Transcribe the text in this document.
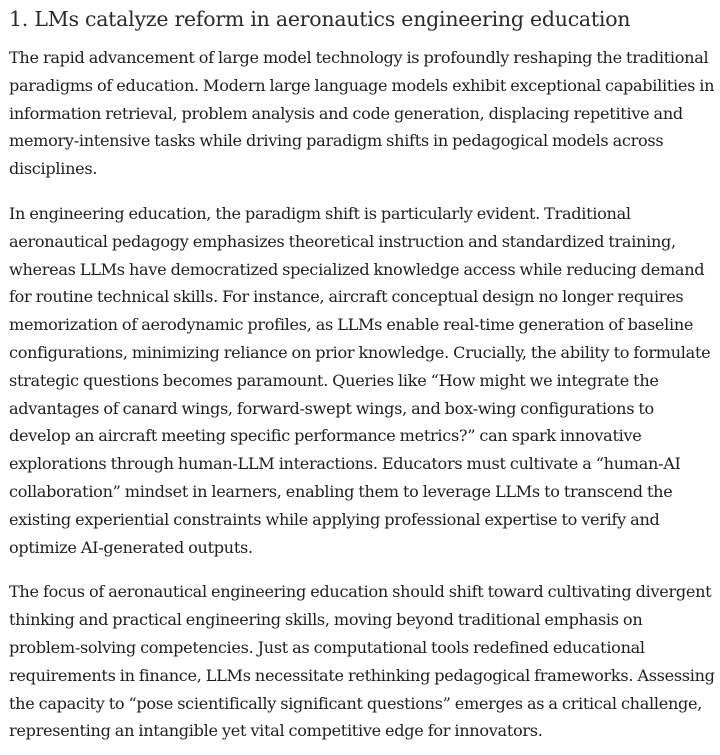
1. LMs catalyze reform in aeronautics engineering education

The rapid advancement of large model technology is profoundly reshaping the traditional paradigms of education. Modern large language models exhibit exceptional capabilities in information retrieval, problem analysis and code generation, displacing repetitive and memory-intensive tasks while driving paradigm shifts in pedagogical models across disciplines.

In engineering education, the paradigm shift is particularly evident. Traditional aeronautical pedagogy emphasizes theoretical instruction and standardized training, whereas LLMs have democratized specialized knowledge access while reducing demand for routine technical skills. For instance, aircraft conceptual design no longer requires memorization of aerodynamic profiles, as LLMs enable real-time generation of baseline configurations, minimizing reliance on prior knowledge. Crucially, the ability to formulate strategic questions becomes paramount. Queries like “How might we integrate the advantages of canard wings, forward-swept wings, and box-wing configurations to develop an aircraft meeting specific performance metrics?” can spark innovative explorations through human-LLM interactions. Educators must cultivate a “human-AI collaboration” mindset in learners, enabling them to leverage LLMs to transcend the existing experiential constraints while applying professional expertise to verify and optimize AI-generated outputs.

The focus of aeronautical engineering education should shift toward cultivating divergent thinking and practical engineering skills, moving beyond traditional emphasis on problem-solving competencies. Just as computational tools redefined educational requirements in finance, LLMs necessitate rethinking pedagogical frameworks. Assessing the capacity to “pose scientifically significant questions” emerges as a critical challenge, representing an intangible yet vital competitive edge for innovators.
